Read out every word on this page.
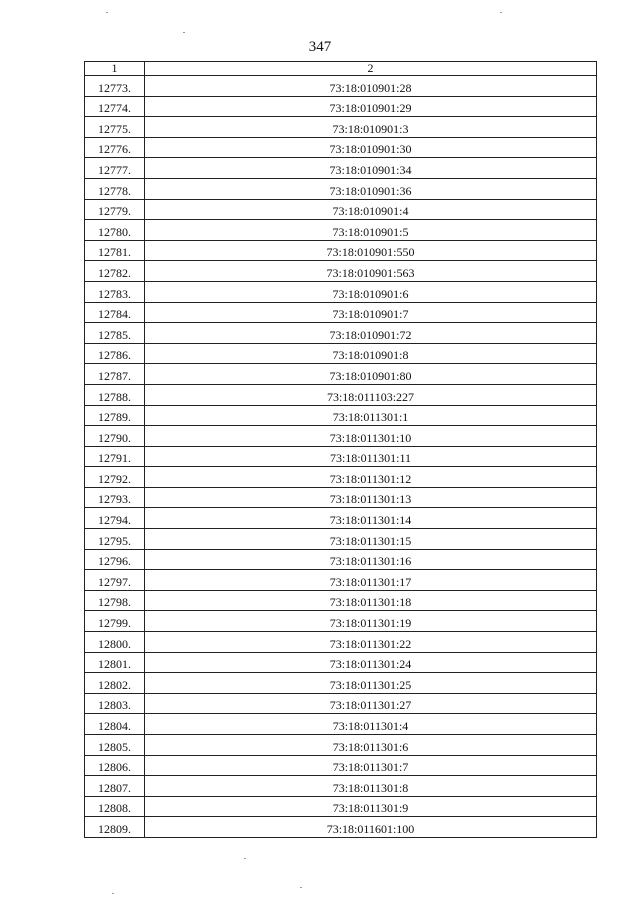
347
1	2
12773.	73:18:010901:28
12774.	73:18:010901:29
12775.	73:18:010901:3
12776.	73:18:010901:30
12777.	73:18:010901:34
12778.	73:18:010901:36
12779.	73:18:010901:4
12780.	73:18:010901:5
12781.	73:18:010901:550
12782.	73:18:010901:563
12783.	73:18:010901:6
12784.	73:18:010901:7
12785.	73:18:010901:72
12786.	73:18:010901:8
12787.	73:18:010901:80
12788.	73:18:011103:227
12789.	73:18:011301:1
12790.	73:18:011301:10
12791.	73:18:011301:11
12792.	73:18:011301:12
12793.	73:18:011301:13
12794.	73:18:011301:14
12795.	73:18:011301:15
12796.	73:18:011301:16
12797.	73:18:011301:17
12798.	73:18:011301:18
12799.	73:18:011301:19
12800.	73:18:011301:22
12801.	73:18:011301:24
12802.	73:18:011301:25
12803.	73:18:011301:27
12804.	73:18:011301:4
12805.	73:18:011301:6
12806.	73:18:011301:7
12807.	73:18:011301:8
12808.	73:18:011301:9
12809.	73:18:011601:100
